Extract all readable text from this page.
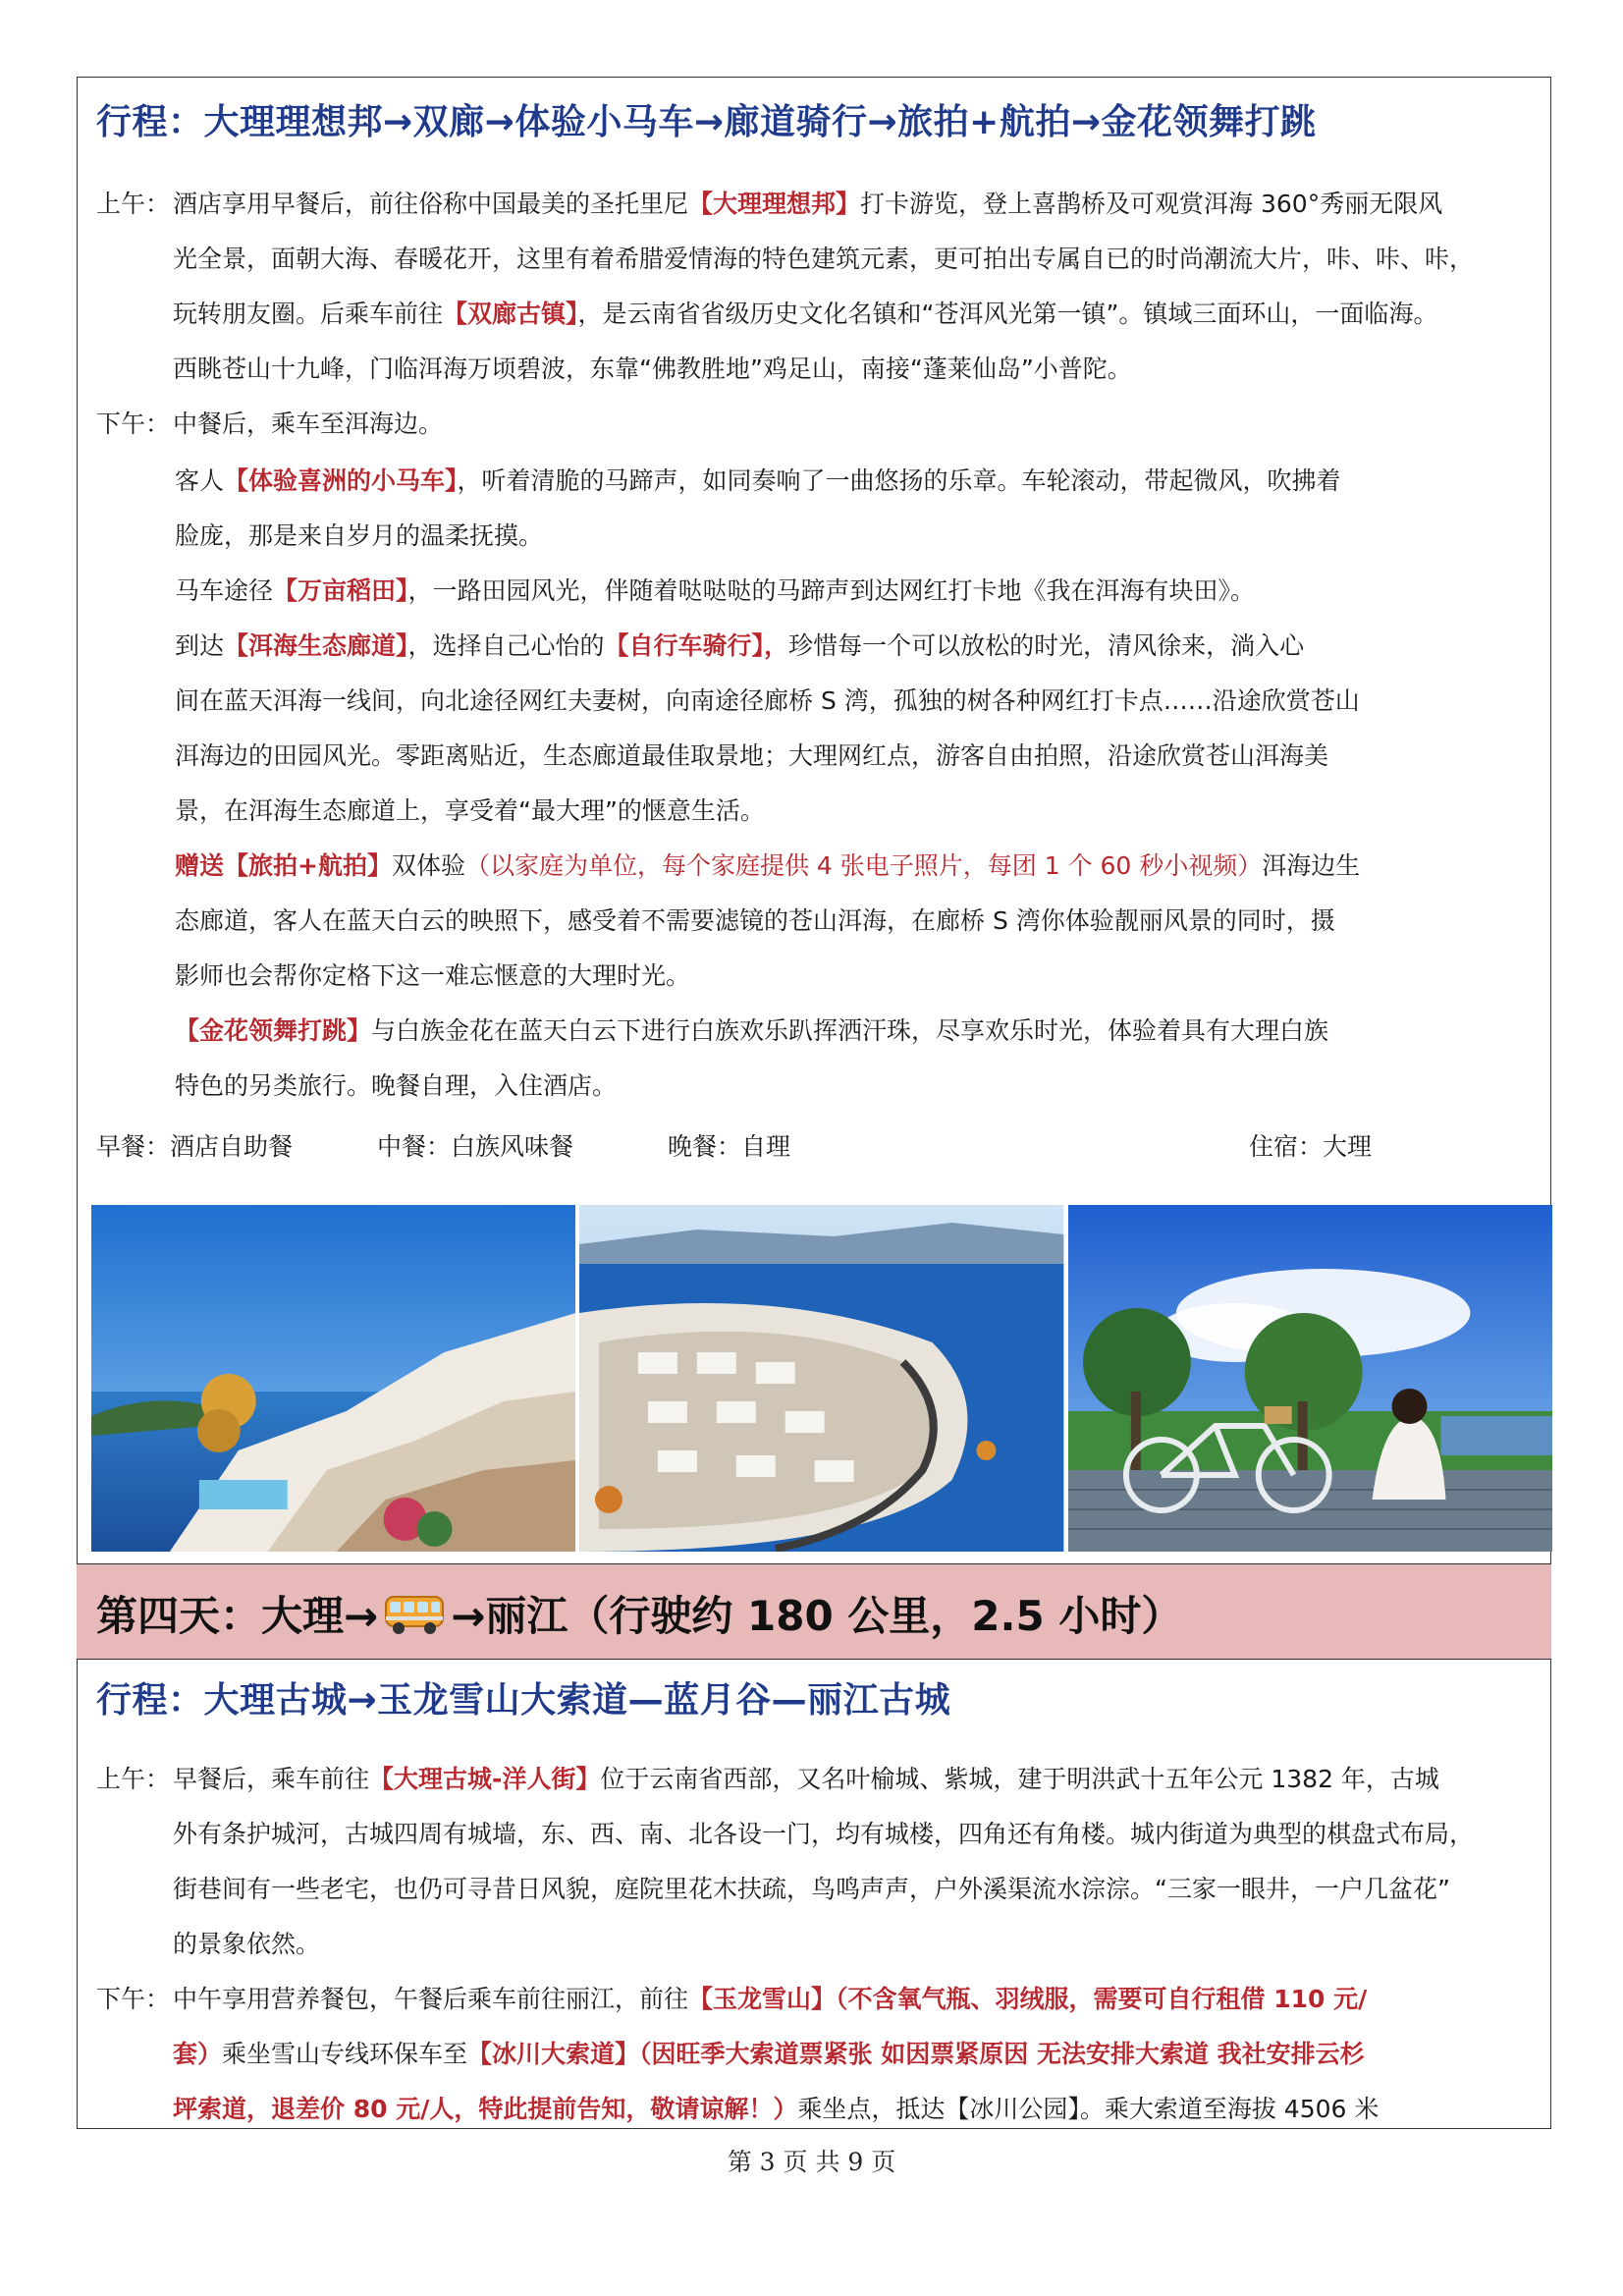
行程：大理理想邦→双廊→体验小马车→廊道骑行→旅拍+航拍→金花领舞打跳
上午： 酒店享用早餐后，前往俗称中国最美的圣托里尼【大理理想邦】打卡游览，登上喜鹊桥及可观赏洱海 360°秀丽无限风
光全景，面朝大海、春暖花开，这里有着希腊爱情海的特色建筑元素，更可拍出专属自已的时尚潮流大片，咔、咔、咔，
玩转朋友圈。后乘车前往【双廊古镇】，是云南省省级历史文化名镇和“苍洱风光第一镇”。镇域三面环山，一面临海。
西眺苍山十九峰，门临洱海万顷碧波，东靠“佛教胜地”鸡足山，南接“蓬莱仙岛”小普陀。
下午： 中餐后，乘车至洱海边。
客人【体验喜洲的小马车】，听着清脆的马蹄声，如同奏响了一曲悠扬的乐章。车轮滚动，带起微风，吹拂着
脸庞，那是来自岁月的温柔抚摸。
马车途径【万亩稻田】，一路田园风光，伴随着哒哒哒的马蹄声到达网红打卡地《我在洱海有块田》。
到达【洱海生态廊道】，选择自己心怡的【自行车骑行】，珍惜每一个可以放松的时光，清风徐来，淌入心
间在蓝天洱海一线间，向北途径网红夫妻树，向南途径廊桥 S 湾，孤独的树各种网红打卡点……沿途欣赏苍山
洱海边的田园风光。零距离贴近，生态廊道最佳取景地；大理网红点，游客自由拍照，沿途欣赏苍山洱海美
景，在洱海生态廊道上，享受着“最大理”的惬意生活。
赠送【旅拍+航拍】双体验（以家庭为单位，每个家庭提供 4 张电子照片，每团 1 个 60 秒小视频）洱海边生
态廊道，客人在蓝天白云的映照下，感受着不需要滤镜的苍山洱海，在廊桥 S 湾你体验靓丽风景的同时，摄
影师也会帮你定格下这一难忘惬意的大理时光。
【金花领舞打跳】与白族金花在蓝天白云下进行白族欢乐趴挥洒汗珠，尽享欢乐时光，体验着具有大理白族
特色的另类旅行。晚餐自理，入住酒店。
早餐：酒店自助餐	中餐：白族风味餐	晚餐：自理	住宿：大理
第四天：大理→ →丽江（行驶约 180 公里，2.5 小时）
行程：大理古城→玉龙雪山大索道—蓝月谷—丽江古城
上午： 早餐后，乘车前往【大理古城-洋人街】位于云南省西部，又名叶榆城、紫城，建于明洪武十五年公元 1382 年，古城
外有条护城河，古城四周有城墙，东、西、南、北各设一门，均有城楼，四角还有角楼。城内街道为典型的棋盘式布局，
街巷间有一些老宅，也仍可寻昔日风貌，庭院里花木扶疏，鸟鸣声声，户外溪渠流水淙淙。“三家一眼井，一户几盆花”
的景象依然。
下午： 中午享用营养餐包，午餐后乘车前往丽江，前往【玉龙雪山】（不含氧气瓶、羽绒服，需要可自行租借 110 元/
套）乘坐雪山专线环保车至【冰川大索道】（因旺季大索道票紧张 如因票紧原因 无法安排大索道 我社安排云杉
坪索道，退差价 80 元/人，特此提前告知，敬请谅解！）乘坐点，抵达【冰川公园】。乘大索道至海拔 4506 米
第 3 页 共 9 页
